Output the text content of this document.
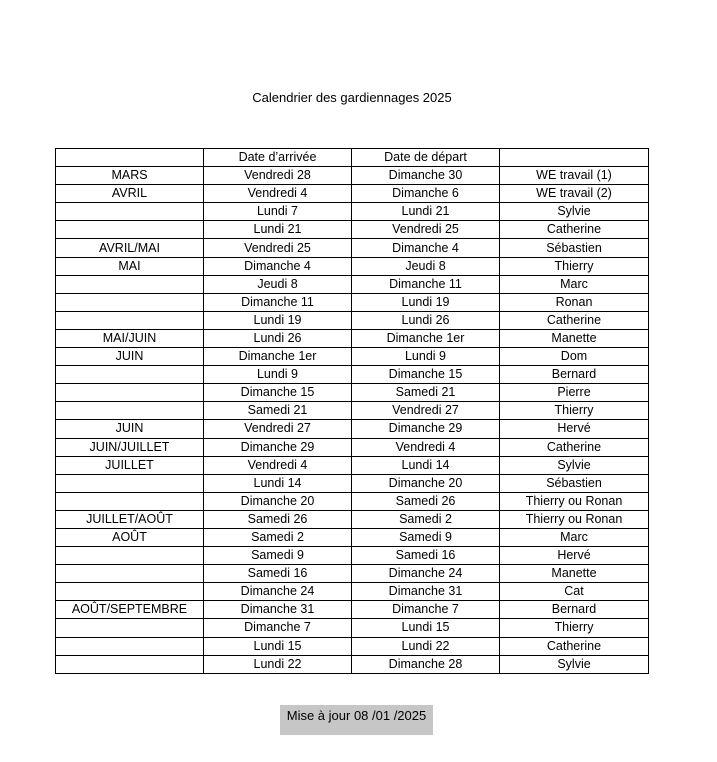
Calendrier des gardiennages 2025
	Date d’arrivée	Date de départ	
MARS	Vendredi 28	Dimanche 30	WE travail (1)
AVRIL	Vendredi 4	Dimanche 6	WE travail (2)
	Lundi 7	Lundi 21	Sylvie
	Lundi 21	Vendredi 25	Catherine
AVRIL/MAI	Vendredi 25	Dimanche 4	Sébastien
MAI	Dimanche 4	Jeudi 8	Thierry
	Jeudi 8	Dimanche 11	Marc
	Dimanche 11	Lundi 19	Ronan
	Lundi 19	Lundi 26	Catherine
MAI/JUIN	Lundi 26	Dimanche 1er	Manette
JUIN	Dimanche 1er	Lundi 9	Dom
	Lundi 9	Dimanche 15	Bernard
	Dimanche 15	Samedi 21	Pierre
	Samedi 21	Vendredi 27	Thierry
JUIN	Vendredi 27	Dimanche 29	Hervé
JUIN/JUILLET	Dimanche 29	Vendredi 4	Catherine
JUILLET	Vendredi 4	Lundi 14	Sylvie
	Lundi 14	Dimanche 20	Sébastien
	Dimanche 20	Samedi 26	Thierry ou Ronan
JUILLET/AOÛT	Samedi 26	Samedi 2	Thierry ou Ronan
AOÛT	Samedi 2	Samedi 9	Marc
	Samedi 9	Samedi 16	Hervé
	Samedi 16	Dimanche 24	Manette
	Dimanche 24	Dimanche 31	Cat
AOÛT/SEPTEMBRE	Dimanche 31	Dimanche 7	Bernard
	Dimanche 7	Lundi 15	Thierry
	Lundi 15	Lundi 22	Catherine
	Lundi 22	Dimanche 28	Sylvie
Mise à jour 08 /01 /2025
